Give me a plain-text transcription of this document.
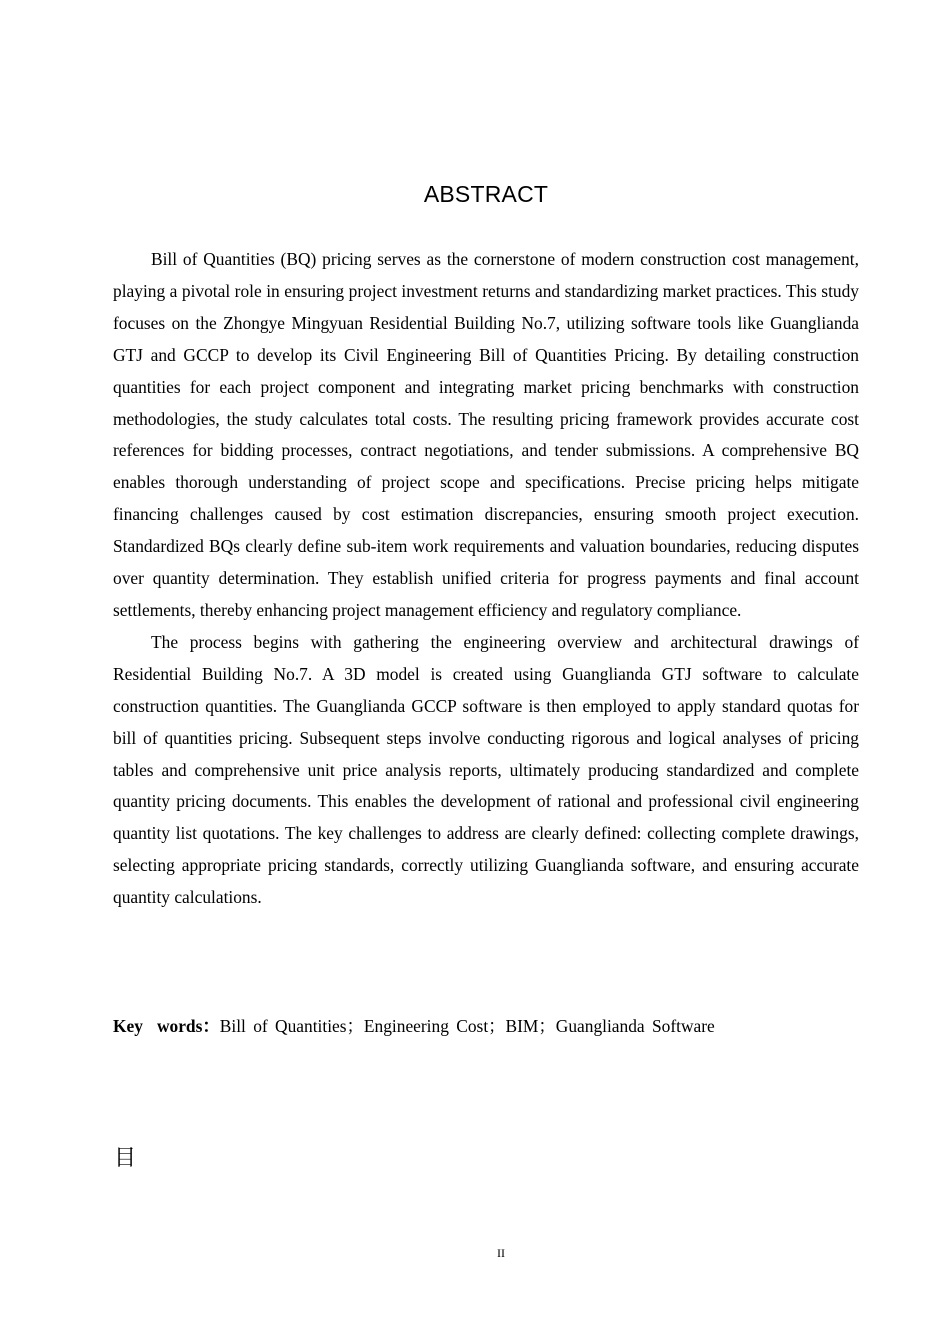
ABSTRACT

Bill of Quantities (BQ) pricing serves as the cornerstone of modern construction cost management, playing a pivotal role in ensuring project investment returns and standardizing market practices. This study focuses on the Zhongye Mingyuan Residential Building No.7, utilizing software tools like Guanglianda GTJ and GCCP to develop its Civil Engineering Bill of Quantities Pricing. By detailing construction quantities for each project component and integrating market pricing benchmarks with construction methodologies, the study calculates total costs. The resulting pricing framework provides accurate cost references for bidding processes, contract negotiations, and tender submissions. A comprehensive BQ enables thorough understanding of project scope and specifications. Precise pricing helps mitigate financing challenges caused by cost estimation discrepancies, ensuring smooth project execution. Standardized BQs clearly define sub-item work requirements and valuation boundaries, reducing disputes over quantity determination. They establish unified criteria for progress payments and final account settlements, thereby enhancing project management efficiency and regulatory compliance.

The process begins with gathering the engineering overview and architectural drawings of Residential Building No.7. A 3D model is created using Guanglianda GTJ software to calculate construction quantities. The Guanglianda GCCP software is then employed to apply standard quotas for bill of quantities pricing. Subsequent steps involve conducting rigorous and logical analyses of pricing tables and comprehensive unit price analysis reports, ultimately producing standardized and complete quantity pricing documents. This enables the development of rational and professional civil engineering quantity list quotations. The key challenges to address are clearly defined: collecting complete drawings, selecting appropriate pricing standards, correctly utilizing Guanglianda software, and ensuring accurate quantity calculations.

Key words：Bill of Quantities；Engineering Cost；BIM；Guanglianda Software
目
II
